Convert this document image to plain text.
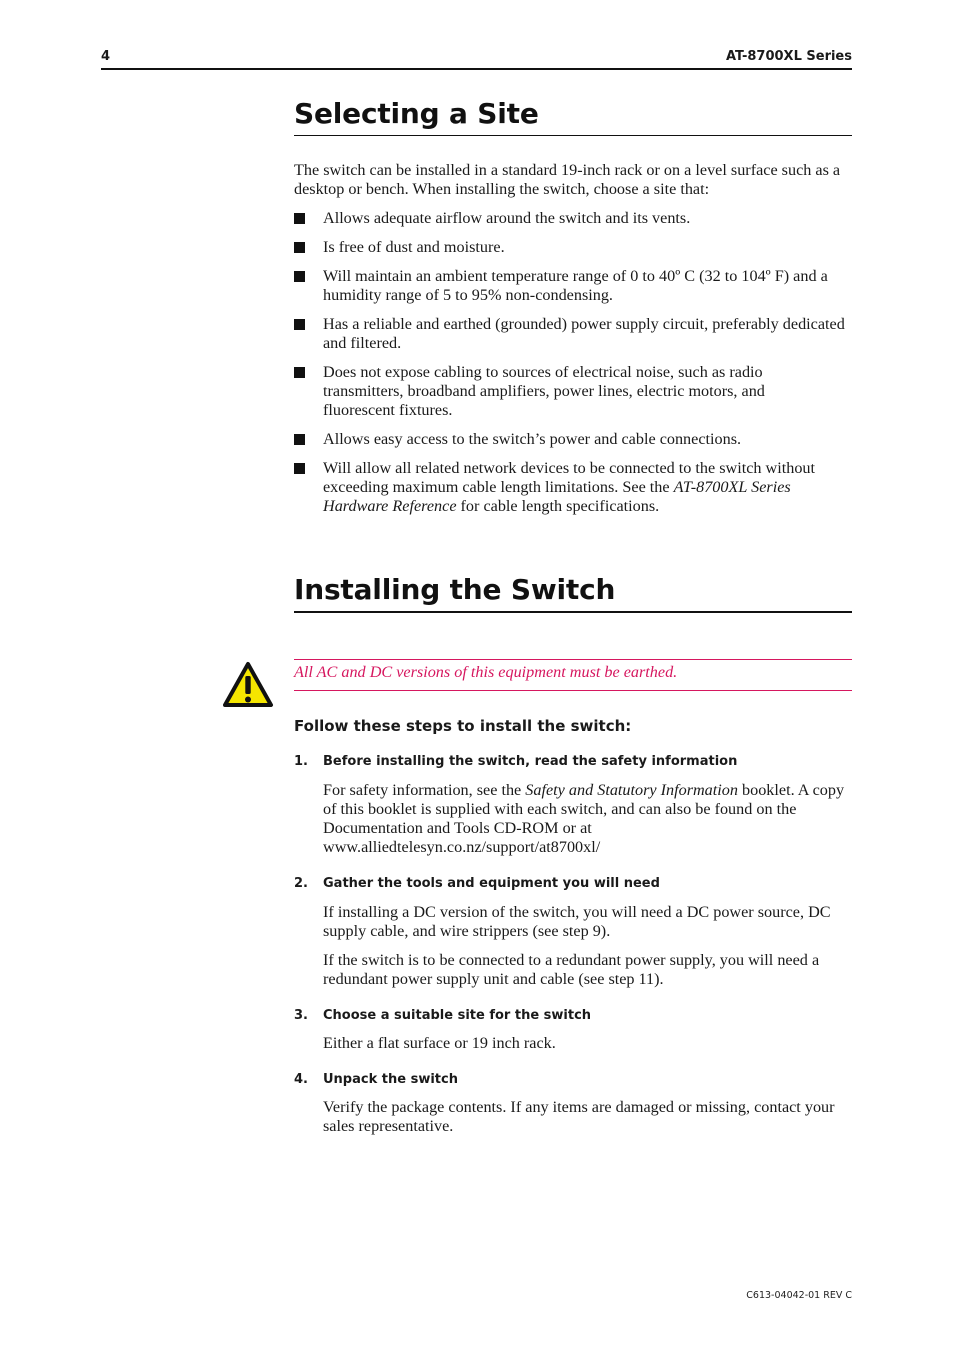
4	AT-8700XL Series
Selecting a Site
The switch can be installed in a standard 19-inch rack or on a level surface such as a desktop or bench. When installing the switch, choose a site that:
Allows adequate airflow around the switch and its vents.
Is free of dust and moisture.
Will maintain an ambient temperature range of 0 to 40º C (32 to 104º F) and a humidity range of 5 to 95% non-condensing.
Has a reliable and earthed (grounded) power supply circuit, preferably dedicated and filtered.
Does not expose cabling to sources of electrical noise, such as radio transmitters, broadband amplifiers, power lines, electric motors, and fluorescent fixtures.
Allows easy access to the switch’s power and cable connections.
Will allow all related network devices to be connected to the switch without exceeding maximum cable length limitations. See the AT-8700XL Series Hardware Reference for cable length specifications.
Installing the Switch
All AC and DC versions of this equipment must be earthed.
Follow these steps to install the switch:
1. Before installing the switch, read the safety information
For safety information, see the Safety and Statutory Information booklet. A copy of this booklet is supplied with each switch, and can also be found on the Documentation and Tools CD-ROM or at www.alliedtelesyn.co.nz/support/at8700xl/
2. Gather the tools and equipment you will need
If installing a DC version of the switch, you will need a DC power source, DC supply cable, and wire strippers (see step 9).
If the switch is to be connected to a redundant power supply, you will need a redundant power supply unit and cable (see step 11).
3. Choose a suitable site for the switch
Either a flat surface or 19 inch rack.
4. Unpack the switch
Verify the package contents. If any items are damaged or missing, contact your sales representative.
C613-04042-01 REV C
